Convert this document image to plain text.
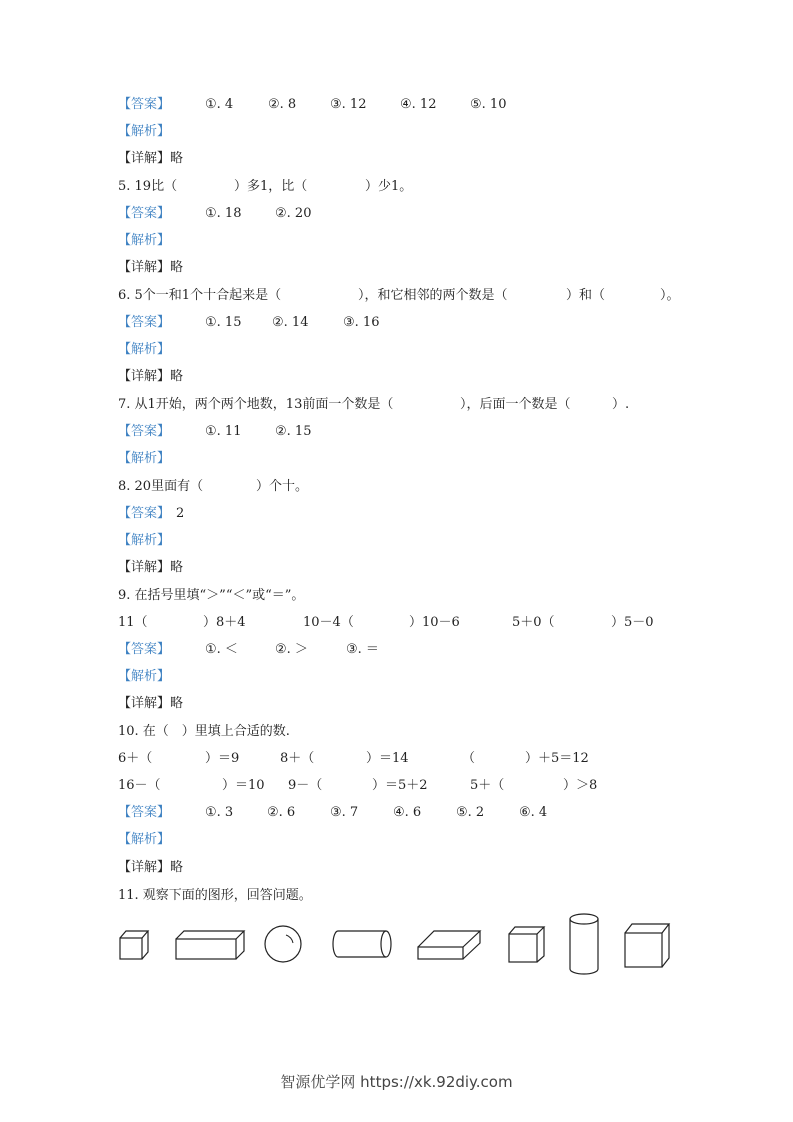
【答案】	①. 4	②. 8	③. 12	④. 12	⑤. 10
【解析】
【详解】略
5. 19比（	）多1，比（	）少1。
【答案】	①. 18	②. 20
【解析】
【详解】略
6. 5个一和1个十合起来是（	），和它相邻的两个数是（	）和（	）。
【答案】	①. 15 ②. 14	③. 16
【解析】
【详解】略
7. 从1开始，两个两个地数，13前面一个数是（	），后面一个数是（	）.
【答案】	①. 11	②. 15
【解析】
8. 20里面有（	）个十。
【答案】 2
【解析】
【详解】略
9. 在括号里填“＞”“＜”或“＝”。
11（	）8＋4	10－4（	）10－6	5＋0（	）5－0
【答案】	①. ＜	②. ＞	③. ＝
【解析】
【详解】略
10. 在（　）里填上合适的数.
6＋（	）＝9	8＋（	）＝14	（	）＋5＝12
16－（	）＝10 9－（	）＝5＋2	5＋（	）＞8
【答案】	①. 3	②. 6	③. 7	④. 6	⑤. 2	⑥. 4
【解析】
【详解】略
11. 观察下面的图形，回答问题。
智源优学网 https://xk.92diy.com
